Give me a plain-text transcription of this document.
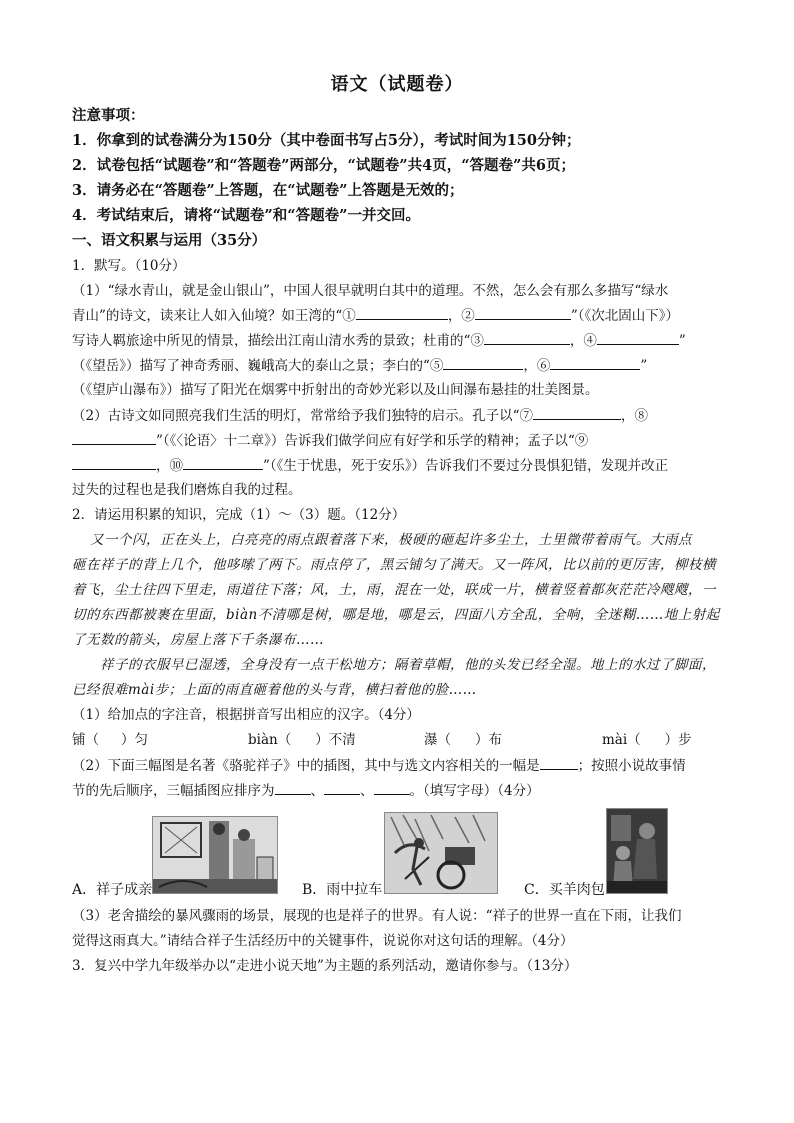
语文（试题卷）
注意事项：
1．你拿到的试卷满分为150分（其中卷面书写占5分），考试时间为150分钟；
2．试卷包括“试题卷”和“答题卷”两部分，“试题卷”共4页，“答题卷”共6页；
3．请务必在“答题卷”上答题，在“试题卷”上答题是无效的；
4．考试结束后，请将“试题卷”和“答题卷”一并交回。
一、语文积累与运用（35分）
1．默写。（10分）
（1）“绿水青山，就是金山银山”，中国人很早就明白其中的道理。不然，怎么会有那么多描写“绿水
青山”的诗文，读来让人如入仙境？如王湾的“①	，②	”（《次北固山下》）
写诗人羁旅途中所见的情景，描绘出江南山清水秀的景致；杜甫的“③	，④	”
（《望岳》）描写了神奇秀丽、巍峨高大的泰山之景；李白的“⑤	，⑥	”
（《望庐山瀑布》）描写了阳光在烟雾中折射出的奇妙光彩以及山间瀑布悬挂的壮美图景。
（2）古诗文如同照亮我们生活的明灯，常常给予我们独特的启示。孔子以“⑦	，⑧
”（《〈论语〉十二章》）告诉我们做学问应有好学和乐学的精神；孟子以“⑨
，⑩	”（《生于忧患，死于安乐》）告诉我们不要过分畏惧犯错，发现并改正
过失的过程也是我们磨炼自我的过程。
2．请运用积累的知识，完成（1）～（3）题。（12分）
又一个闪，正在头上，白亮亮的雨点跟着落下来，极硬的砸起许多尘土，土里微带着雨气。大雨点
砸在祥子的背上几个，他哆嗦了两下。雨点停了，黑云铺匀了满天。又一阵风，比以前的更厉害，柳枝横
着飞，尘土往四下里走，雨道往下落；风，土，雨，混在一处，联成一片，横着竖着都灰茫茫冷飕飕，一
切的东西都被裹在里面，biàn不清哪是树，哪是地，哪是云，四面八方全乱，全响，全迷糊……地上射起
了无数的箭头，房屋上落下千条瀑布……
祥子的衣服早已湿透，全身没有一点干松地方；隔着草帽，他的头发已经全湿。地上的水过了脚面，
已经很难mài步；上面的雨直砸着他的头与背，横扫着他的脸……
（1）给加点的字注音，根据拼音写出相应的汉字。（4分）
铺（ ）匀	biàn（ ）不清	瀑（ ）布	mài（ ）步
（2）下面三幅图是名著《骆驼祥子》中的插图，其中与选文内容相关的一幅是	；按照小说故事情
节的先后顺序，三幅插图应排序为	、	、	。（填写字母）（4分）
A．祥子成亲	B．雨中拉车	C．买羊肉包
（3）老舍描绘的暴风骤雨的场景，展现的也是祥子的世界。有人说：“祥子的世界一直在下雨，让我们
觉得这雨真大。”请结合祥子生活经历中的关键事件，说说你对这句话的理解。（4分）
3．复兴中学九年级举办以“走进小说天地”为主题的系列活动，邀请你参与。（13分）
